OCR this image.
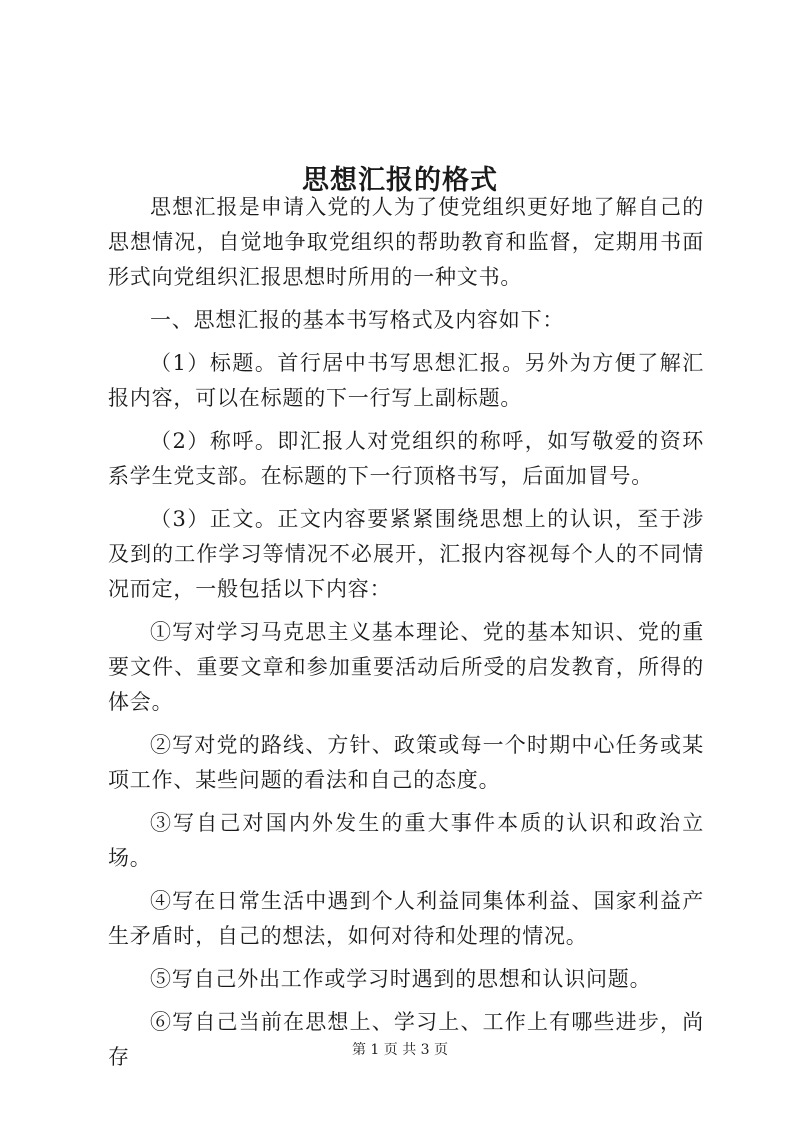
思想汇报的格式

思想汇报是申请入党的人为了使党组织更好地了解自己的思想情况，自觉地争取党组织的帮助教育和监督，定期用书面形式向党组织汇报思想时所用的一种文书。

一、思想汇报的基本书写格式及内容如下：

（1）标题。首行居中书写思想汇报。另外为方便了解汇报内容，可以在标题的下一行写上副标题。

（2）称呼。即汇报人对党组织的称呼，如写敬爱的资环系学生党支部。在标题的下一行顶格书写，后面加冒号。

（3）正文。正文内容要紧紧围绕思想上的认识，至于涉及到的工作学习等情况不必展开，汇报内容视每个人的不同情况而定，一般包括以下内容：

①写对学习马克思主义基本理论、党的基本知识、党的重要文件、重要文章和参加重要活动后所受的启发教育，所得的体会。

②写对党的路线、方针、政策或每一个时期中心任务或某项工作、某些问题的看法和自己的态度。

③写自己对国内外发生的重大事件本质的认识和政治立场。

④写在日常生活中遇到个人利益同集体利益、国家利益产生矛盾时，自己的想法，如何对待和处理的情况。

⑤写自己外出工作或学习时遇到的思想和认识问题。

⑥写自己当前在思想上、学习上、工作上有哪些进步，尚存	第 1 页 共 3 页
